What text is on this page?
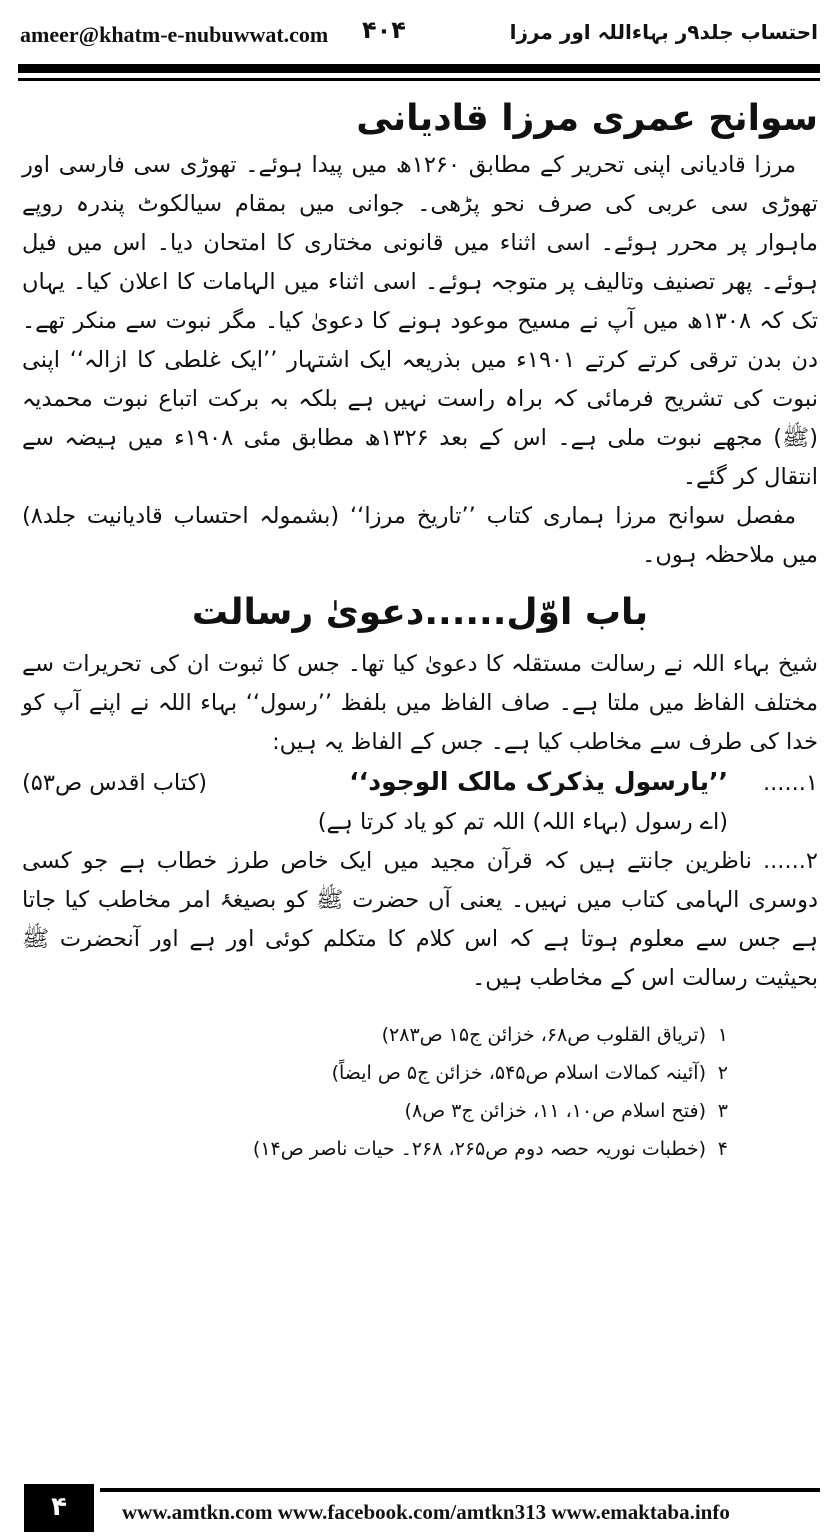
ameer@khatm-e-nubuwwat.com ۴۰۴	احتساب جلد۹ر بہاءاللہ اور مرزا
سوانح عمری مرزا قادیانی

مرزا قادیانی اپنی تحریر کے مطابق ۱۲۶۰ھ میں پیدا ہوئے۔ تھوڑی سی فارسی اور تھوڑی سی عربی کی صرف نحو پڑھی۔ جوانی میں بمقام سیالکوٹ پندرہ روپے ماہوار پر محرر ہوئے۔ اسی اثناء میں قانونی مختاری کا امتحان دیا۔ اس میں فیل ہوئے۔ پھر تصنیف وتالیف پر متوجہ ہوئے۔ اسی اثناء میں الہامات کا اعلان کیا۔ یہاں تک کہ ۱۳۰۸ھ میں آپ نے مسیح موعود ہونے کا دعویٰ کیا۔ مگر نبوت سے منکر تھے۔ دن بدن ترقی کرتے کرتے ۱۹۰۱ء میں بذریعہ ایک اشتہار ’’ایک غلطی کا ازالہ‘‘ اپنی نبوت کی تشریح فرمائی کہ براہ راست نہیں ہے بلکہ بہ برکت اتباع نبوت محمدیہ (ﷺ) مجھے نبوت ملی ہے۔ اس کے بعد ۱۳۲۶ھ مطابق مئی ۱۹۰۸ء میں ہیضہ سے انتقال کر گئے۔

مفصل سوانح مرزا ہماری کتاب ’’تاریخ مرزا‘‘ (بشمولہ احتساب قادیانیت جلد۸) میں ملاحظہ ہوں۔

باب اوّل......دعویٰ رسالت

شیخ بہاء اللہ نے رسالت مستقلہ کا دعویٰ کیا تھا۔ جس کا ثبوت ان کی تحریرات سے مختلف الفاظ میں ملتا ہے۔ صاف الفاظ میں بلفظ ’’رسول‘‘ بہاء اللہ نے اپنے آپ کو خدا کی طرف سے مخاطب کیا ہے۔ جس کے الفاظ یہ ہیں:

۱......
’’یارسول یذکرک مالک الوجود‘‘
(کتاب اقدس ص۵۳)

(اے رسول (بہاء اللہ) اللہ تم کو یاد کرتا ہے)

۲...... ناظرین جانتے ہیں کہ قرآن مجید میں ایک خاص طرز خطاب ہے جو کسی دوسری الہامی کتاب میں نہیں۔ یعنی آں حضرت ﷺ کو بصیغۂ امر مخاطب کیا جاتا ہے جس سے معلوم ہوتا ہے کہ اس کلام کا متکلم کوئی اور ہے اور آنحضرت ﷺ بحیثیت رسالت اس کے مخاطب ہیں۔

۱(تریاق القلوب ص۶۸، خزائن ج۱۵ ص۲۸۳)
۲(آئینہ کمالات اسلام ص۵۴۵، خزائن ج۵ ص ایضاً)
۳(فتح اسلام ص۱۰، ۱۱، خزائن ج۳ ص۸)
۴(خطبات نوریہ حصہ دوم ص۲۶۵، ۲۶۸۔ حیات ناصر ص۱۴)
۴	www.amtkn.com www.facebook.com/amtkn313 www.emaktaba.info
